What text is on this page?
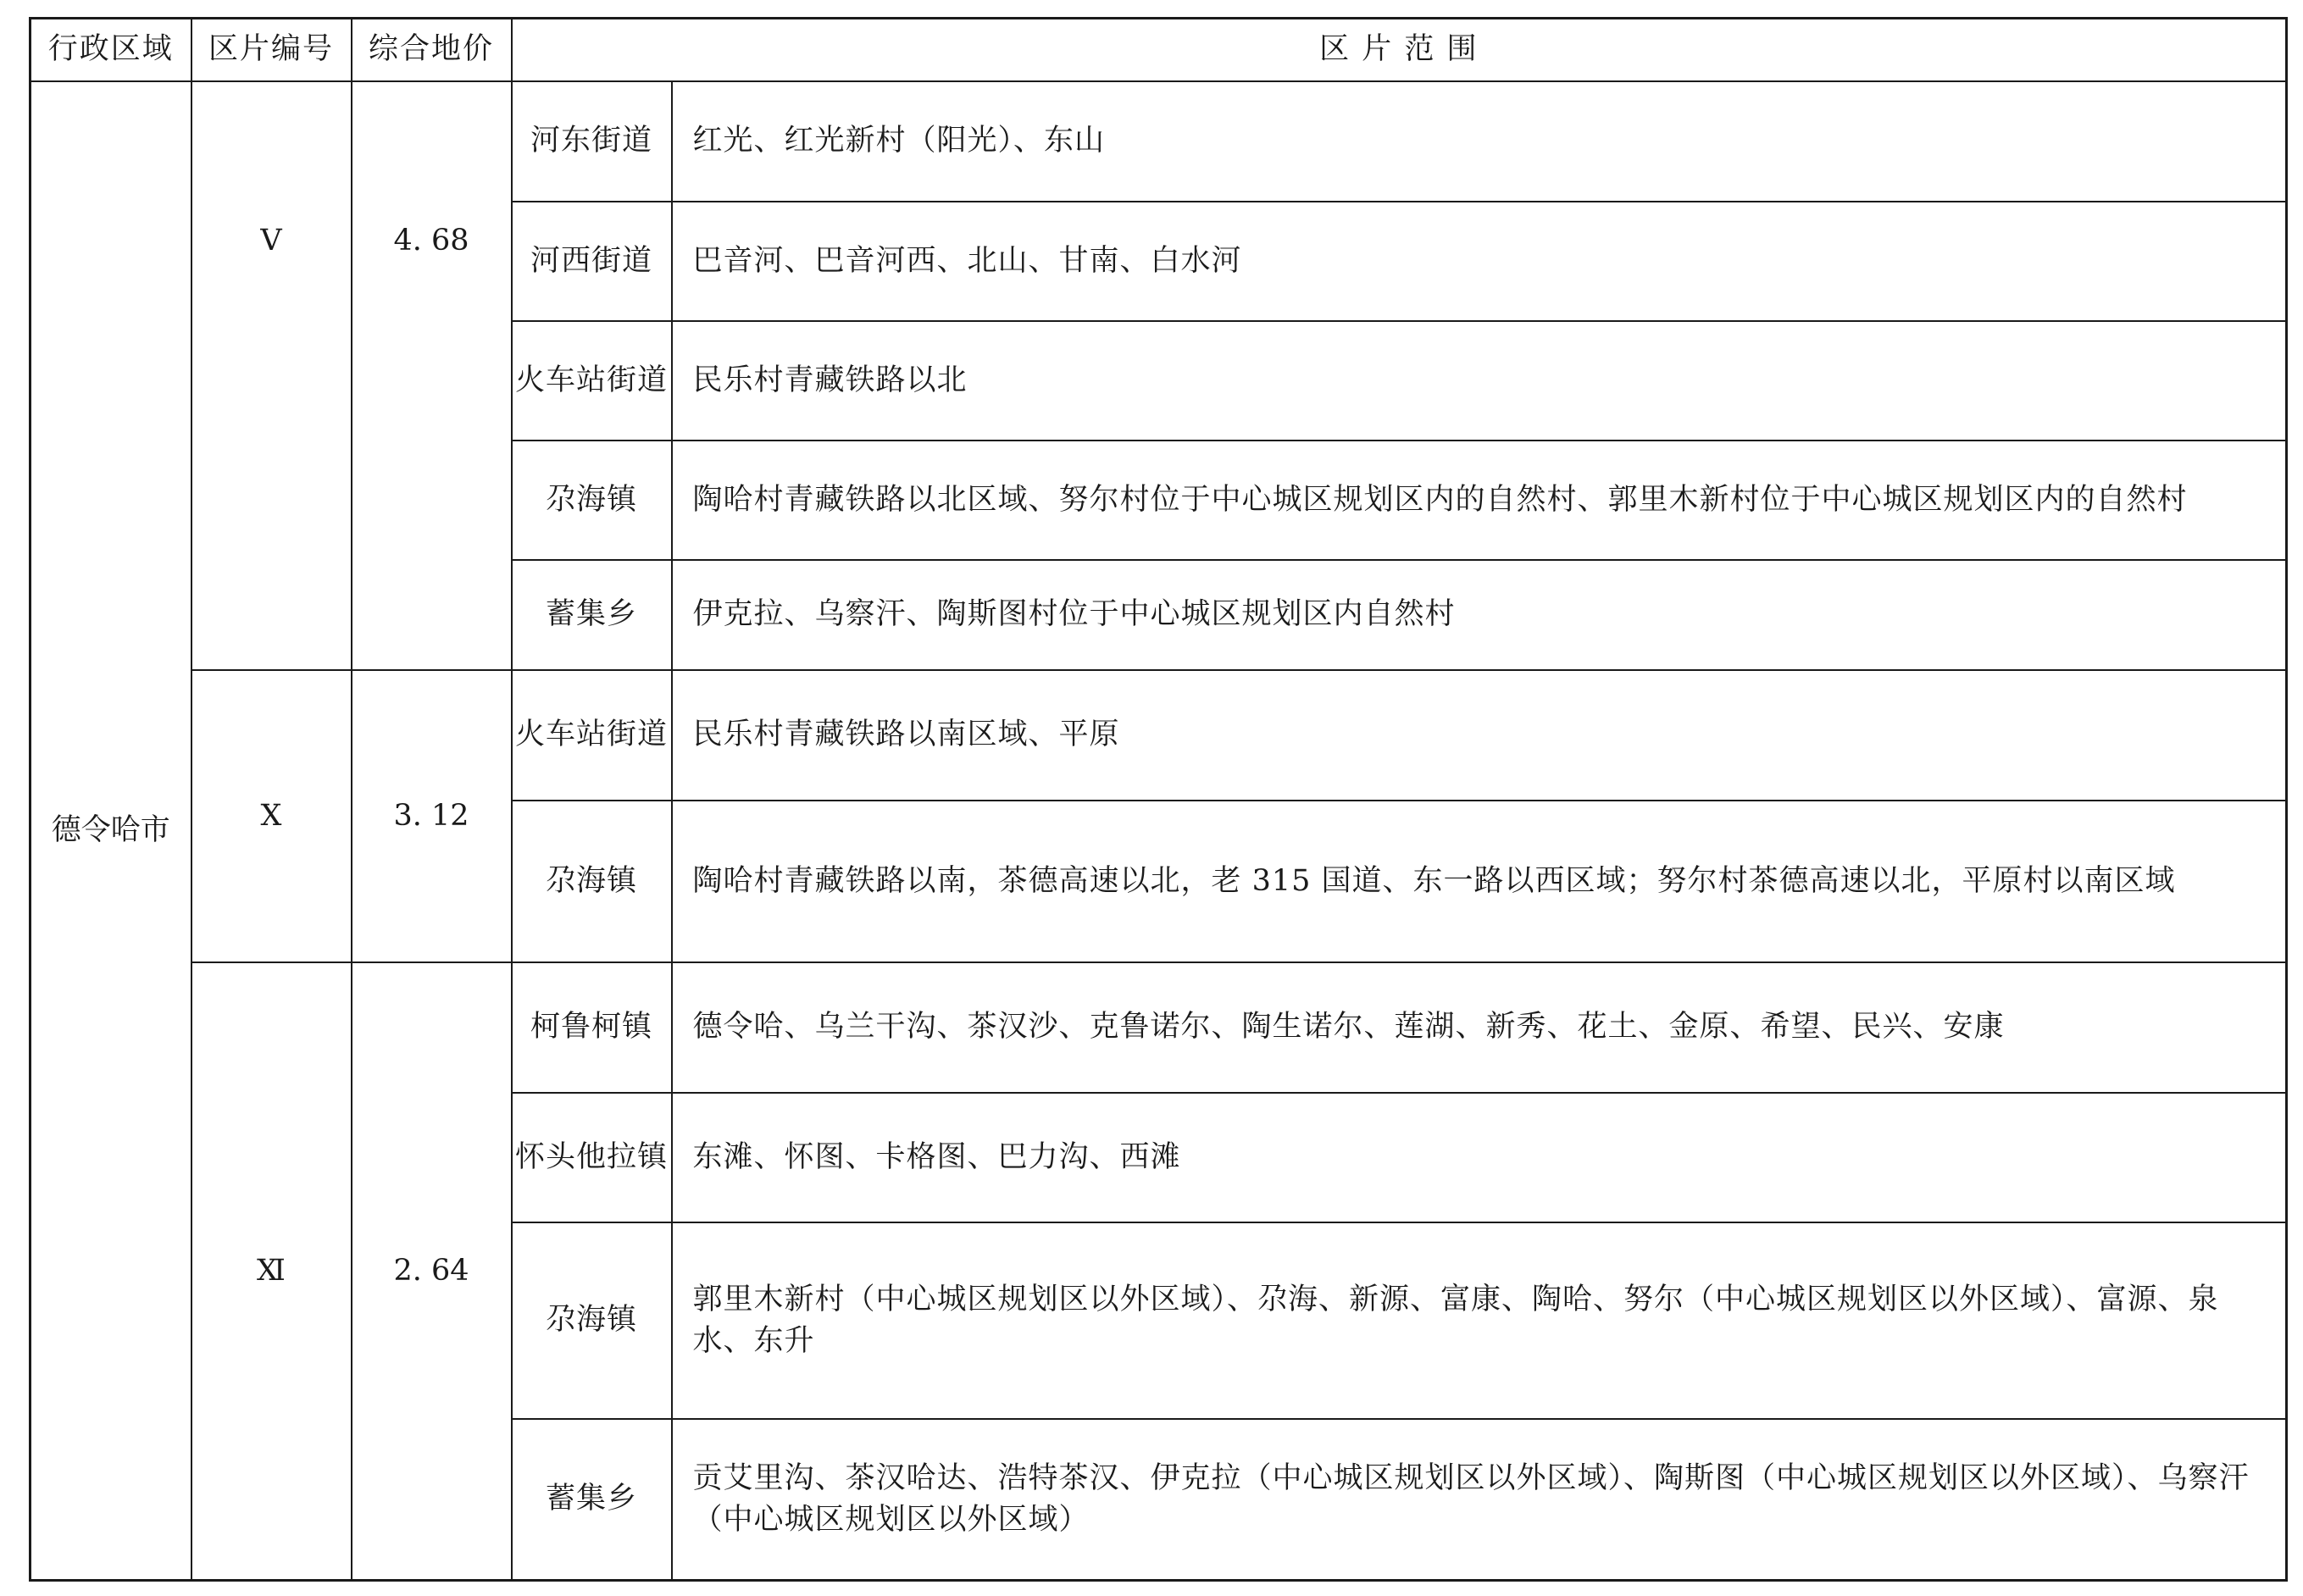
行政区域	区片编号	综合地价	区 片 范 围	
德令哈市	Ⅴ	4. 68	河东街道	红光、红光新村（阳光）、东山
			河西街道	巴音河、巴音河西、北山、甘南、白水河
			火车站街道	民乐村青藏铁路以北
			尕海镇	陶哈村青藏铁路以北区域、努尔村位于中心城区规划区内的自然村、郭里木新村位于中心城区规划区内的自然村
			蓄集乡	伊克拉、乌察汗、陶斯图村位于中心城区规划区内自然村
	Ⅹ	3. 12	火车站街道	民乐村青藏铁路以南区域、平原
			尕海镇	陶哈村青藏铁路以南，茶德高速以北，老 315 国道、东一路以西区域；努尔村茶德高速以北，平原村以南区域
	Ⅺ	2. 64	柯鲁柯镇	德令哈、乌兰干沟、茶汉沙、克鲁诺尔、陶生诺尔、莲湖、新秀、花土、金原、希望、民兴、安康
			怀头他拉镇	东滩、怀图、卡格图、巴力沟、西滩
			尕海镇	郭里木新村（中心城区规划区以外区域）、尕海、新源、富康、陶哈、努尔（中心城区规划区以外区域）、富源、泉水、东升
			蓄集乡	贡艾里沟、茶汉哈达、浩特茶汉、伊克拉（中心城区规划区以外区域）、陶斯图（中心城区规划区以外区域）、乌察汗（中心城区规划区以外区域）
